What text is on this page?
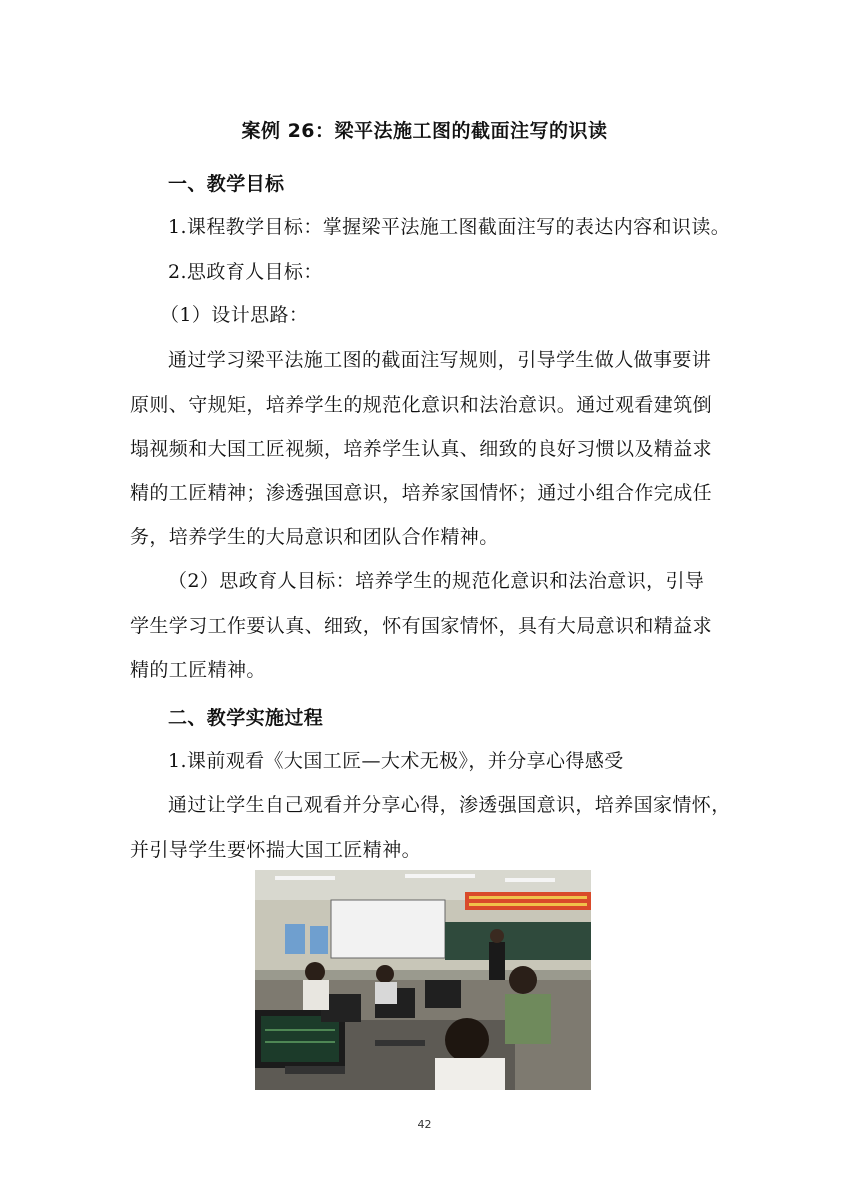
案例 26：梁平法施工图的截面注写的识读
一、教学目标
1.课程教学目标：掌握梁平法施工图截面注写的表达内容和识读。
2.思政育人目标：
（1）设计思路：
通过学习梁平法施工图的截面注写规则，引导学生做人做事要讲
原则、守规矩，培养学生的规范化意识和法治意识。通过观看建筑倒
塌视频和大国工匠视频，培养学生认真、细致的良好习惯以及精益求
精的工匠精神；渗透强国意识，培养家国情怀；通过小组合作完成任
务，培养学生的大局意识和团队合作精神。
（2）思政育人目标：培养学生的规范化意识和法治意识，引导
学生学习工作要认真、细致，怀有国家情怀，具有大局意识和精益求
精的工匠精神。
二、教学实施过程
1.课前观看《大国工匠—大术无极》，并分享心得感受
通过让学生自己观看并分享心得，渗透强国意识，培养国家情怀，
并引导学生要怀揣大国工匠精神。
42
